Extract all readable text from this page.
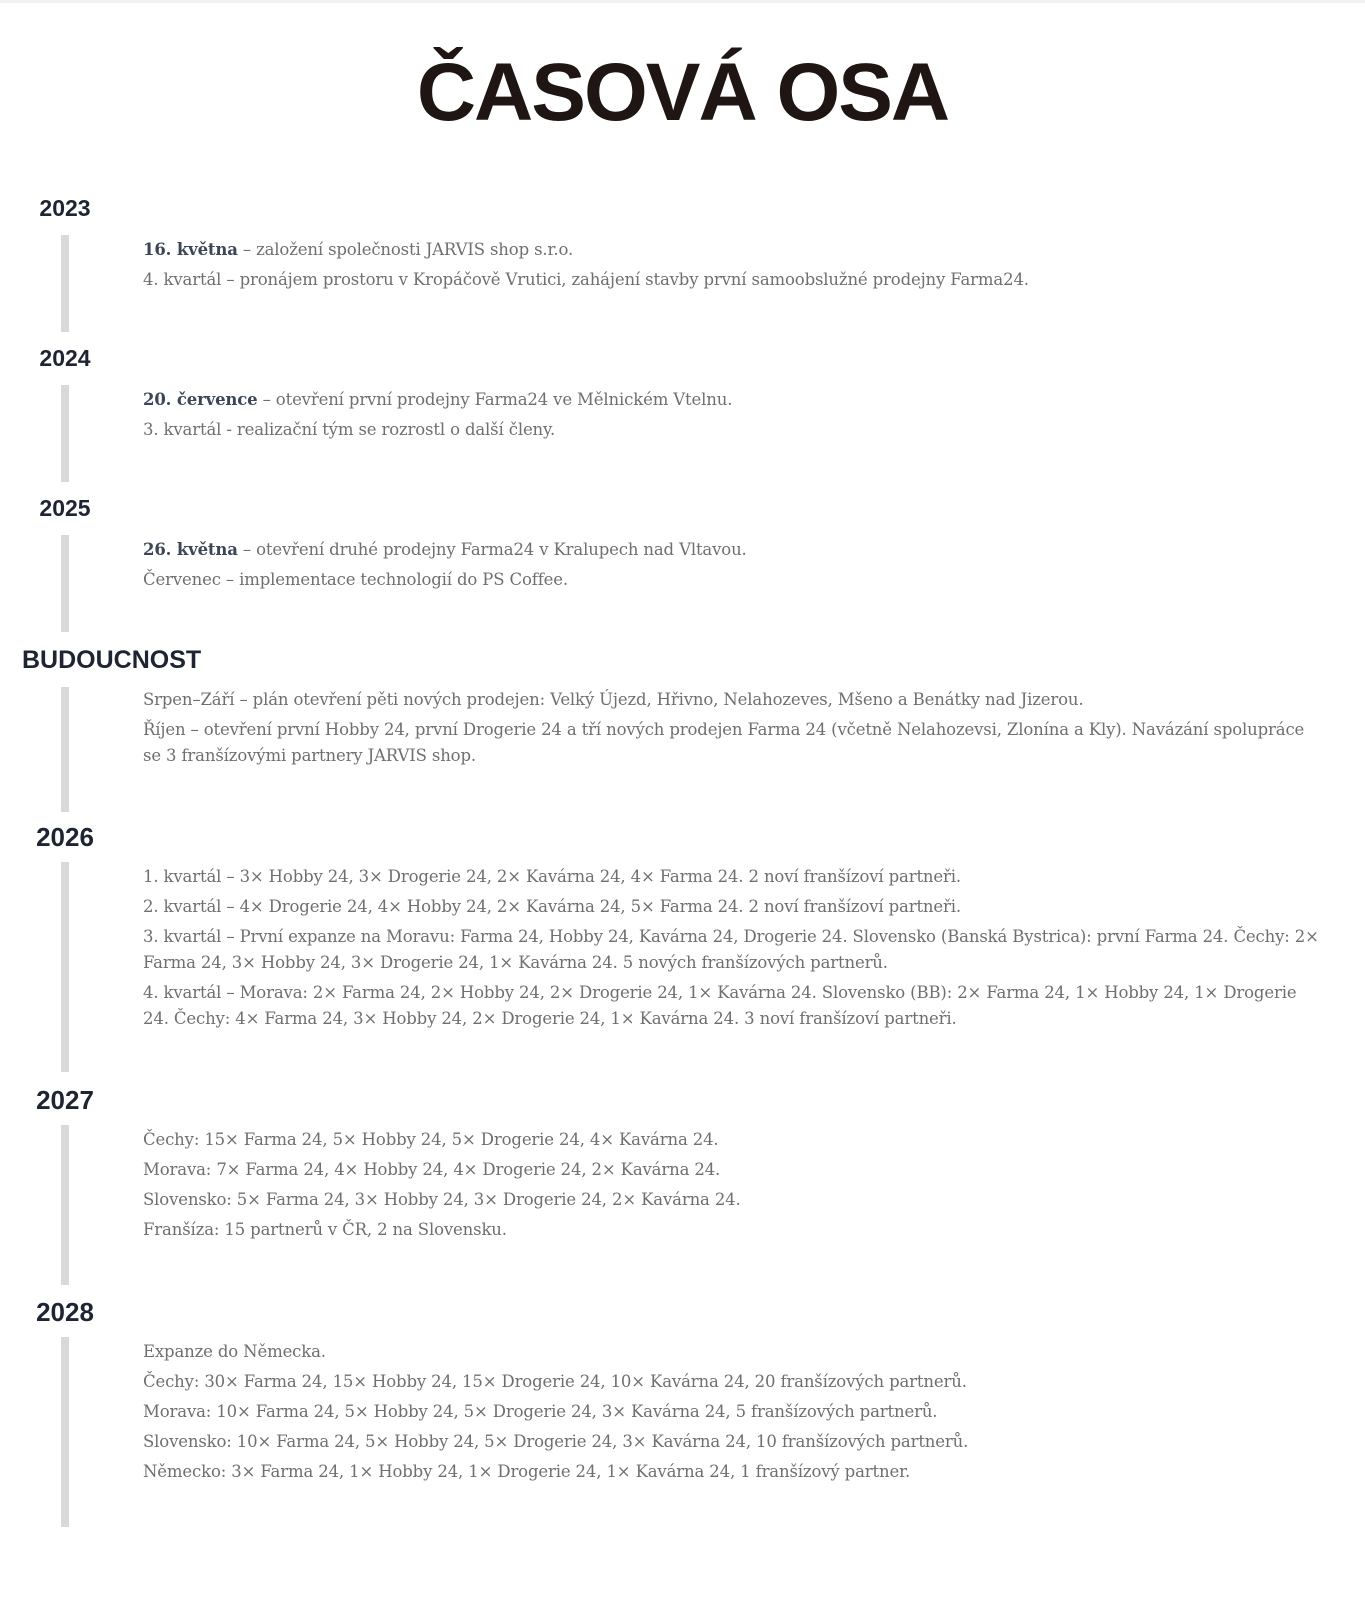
ČASOVÁ OSA
2023

16. května – založení společnosti JARVIS shop s.r.o.

4. kvartál – pronájem prostoru v Kropáčově Vrutici, zahájení stavby první samoobslužné prodejny Farma24.

2024

20. července – otevření první prodejny Farma24 ve Mělnickém Vtelnu.

3. kvartál - realizační tým se rozrostl o další členy.

2025

26. května – otevření druhé prodejny Farma24 v Kralupech nad Vltavou.

Červenec – implementace technologií do PS Coffee.

BUDOUCNOST

Srpen–Září – plán otevření pěti nových prodejen: Velký Újezd, Hřivno, Nelahozeves, Mšeno a Benátky nad Jizerou.

Říjen – otevření první Hobby 24, první Drogerie 24 a tří nových prodejen Farma 24 (včetně Nelahozevsi, Zlonína a Kly). Navázání spolupráce se 3 franšízovými partnery JARVIS shop.

2026

1. kvartál – 3× Hobby 24, 3× Drogerie 24, 2× Kavárna 24, 4× Farma 24. 2 noví franšízoví partneři.

2. kvartál – 4× Drogerie 24, 4× Hobby 24, 2× Kavárna 24, 5× Farma 24. 2 noví franšízoví partneři.

3. kvartál – První expanze na Moravu: Farma 24, Hobby 24, Kavárna 24, Drogerie 24. Slovensko (Banská Bystrica): první Farma 24. Čechy: 2× Farma 24, 3× Hobby 24, 3× Drogerie 24, 1× Kavárna 24. 5 nových franšízových partnerů.

4. kvartál – Morava: 2× Farma 24, 2× Hobby 24, 2× Drogerie 24, 1× Kavárna 24. Slovensko (BB): 2× Farma 24, 1× Hobby 24, 1× Drogerie 24. Čechy: 4× Farma 24, 3× Hobby 24, 2× Drogerie 24, 1× Kavárna 24. 3 noví franšízoví partneři.

2027

Čechy: 15× Farma 24, 5× Hobby 24, 5× Drogerie 24, 4× Kavárna 24.

Morava: 7× Farma 24, 4× Hobby 24, 4× Drogerie 24, 2× Kavárna 24.

Slovensko: 5× Farma 24, 3× Hobby 24, 3× Drogerie 24, 2× Kavárna 24.

Franšíza: 15 partnerů v ČR, 2 na Slovensku.

2028

Expanze do Německa.

Čechy: 30× Farma 24, 15× Hobby 24, 15× Drogerie 24, 10× Kavárna 24, 20 franšízových partnerů.

Morava: 10× Farma 24, 5× Hobby 24, 5× Drogerie 24, 3× Kavárna 24, 5 franšízových partnerů.

Slovensko: 10× Farma 24, 5× Hobby 24, 5× Drogerie 24, 3× Kavárna 24, 10 franšízových partnerů.

Německo: 3× Farma 24, 1× Hobby 24, 1× Drogerie 24, 1× Kavárna 24, 1 franšízový partner.
